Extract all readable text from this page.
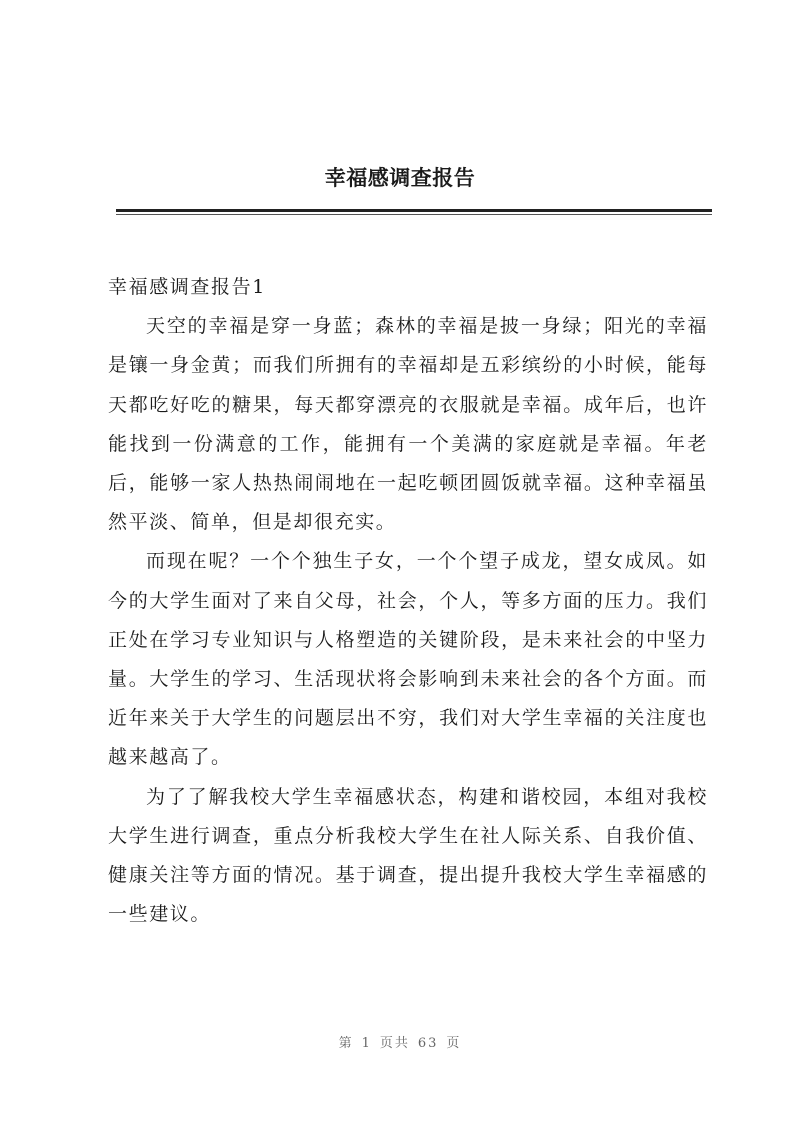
幸福感调查报告
幸福感调查报告1

天空的幸福是穿一身蓝；森林的幸福是披一身绿；阳光的幸福是镶一身金黄；而我们所拥有的幸福却是五彩缤纷的小时候，能每天都吃好吃的糖果，每天都穿漂亮的衣服就是幸福。成年后，也许能找到一份满意的工作，能拥有一个美满的家庭就是幸福。年老后，能够一家人热热闹闹地在一起吃顿团圆饭就幸福。这种幸福虽然平淡、简单，但是却很充实。

而现在呢？一个个独生子女，一个个望子成龙，望女成凤。如今的大学生面对了来自父母，社会，个人，等多方面的压力。我们正处在学习专业知识与人格塑造的关键阶段，是未来社会的中坚力量。大学生的学习、生活现状将会影响到未来社会的各个方面。而近年来关于大学生的问题层出不穷，我们对大学生幸福的关注度也越来越高了。

为了了解我校大学生幸福感状态，构建和谐校园，本组对我校大学生进行调查，重点分析我校大学生在社人际关系、自我价值、健康关注等方面的情况。基于调查，提出提升我校大学生幸福感的一些建议。

第 1 页共 63 页
